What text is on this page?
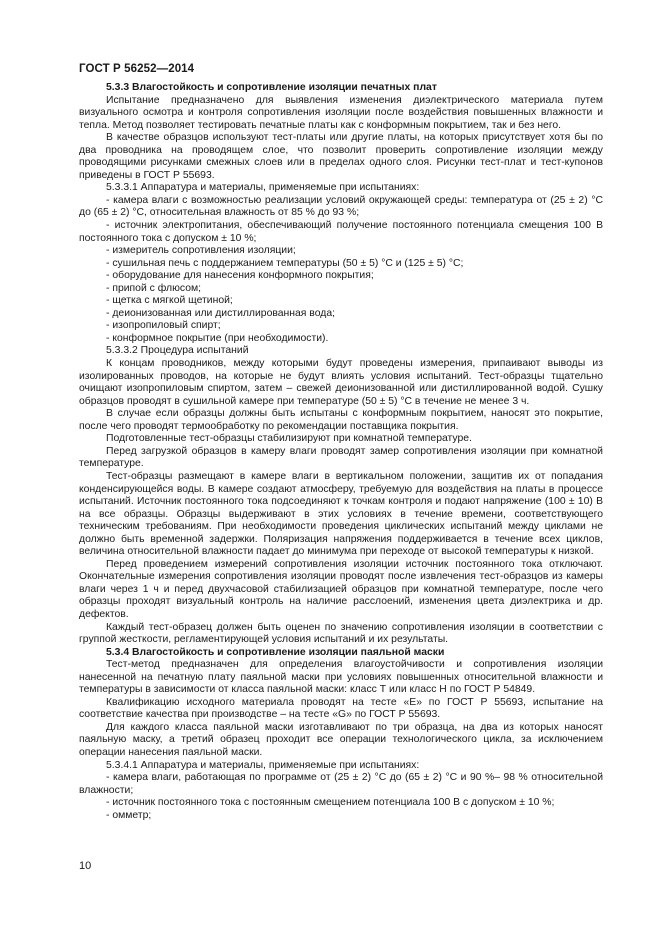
ГОСТ Р 56252—2014

5.3.3 Влагостойкость и сопротивление изоляции печатных плат

Испытание предназначено для выявления изменения диэлектрического материала путем визуального осмотра и контроля сопротивления изоляции после воздействия повышенных влажности и тепла. Метод позволяет тестировать печатные платы как с конформным покрытием, так и без него.

В качестве образцов используют тест-платы или другие платы, на которых присутствует хотя бы по два проводника на проводящем слое, что позволит проверить сопротивление изоляции между проводящими рисунками смежных слоев или в пределах одного слоя. Рисунки тест-плат и тест-купонов приведены в ГОСТ Р 55693.

5.3.3.1 Аппаратура и материалы, применяемые при испытаниях:

- камера влаги с возможностью реализации условий окружающей среды: температура от (25 ± 2) °С до (65 ± 2) °С, относительная влажность от 85 % до 93 %;

- источник электропитания, обеспечивающий получение постоянного потенциала смещения 100 В постоянного тока с допуском ± 10 %;

- измеритель сопротивления изоляции;

- сушильная печь с поддержанием температуры (50 ± 5) °С и (125 ± 5) °С;

- оборудование для нанесения конформного покрытия;

- припой с флюсом;

- щетка с мягкой щетиной;

- деионизованная или дистиллированная вода;

- изопропиловый спирт;

- конформное покрытие (при необходимости).

5.3.3.2 Процедура испытаний

К концам проводников, между которыми будут проведены измерения, припаивают выводы из изолированных проводов, на которые не будут влиять условия испытаний. Тест-образцы тщательно очищают изопропиловым спиртом, затем – свежей деионизованной или дистиллированной водой. Сушку образцов проводят в сушильной камере при температуре (50 ± 5) °С в течение не менее 3 ч.

В случае если образцы должны быть испытаны с конформным покрытием, наносят это покрытие, после чего проводят термообработку по рекомендации поставщика покрытия.

Подготовленные тест-образцы стабилизируют при комнатной температуре.

Перед загрузкой образцов в камеру влаги проводят замер сопротивления изоляции при комнатной температуре.

Тест-образцы размещают в камере влаги в вертикальном положении, защитив их от попадания конденсирующейся воды. В камере создают атмосферу, требуемую для воздействия на платы в процессе испытаний. Источник постоянного тока подсоединяют к точкам контроля и подают напряжение (100 ± 10) В на все образцы. Образцы выдерживают в этих условиях в течение времени, соответствующего техническим требованиям. При необходимости проведения циклических испытаний между циклами не должно быть временной задержки. Поляризация напряжения поддерживается в течение всех циклов, величина относительной влажности падает до минимума при переходе от высокой температуры к низкой.

Перед проведением измерений сопротивления изоляции источник постоянного тока отключают. Окончательные измерения сопротивления изоляции проводят после извлечения тест-образцов из камеры влаги через 1 ч и перед двухчасовой стабилизацией образцов при комнатной температуре, после чего образцы проходят визуальный контроль на наличие расслоений, изменения цвета диэлектрика и др. дефектов.

Каждый тест-образец должен быть оценен по значению сопротивления изоляции в соответствии с группой жесткости, регламентирующей условия испытаний и их результаты.

5.3.4 Влагостойкость и сопротивление изоляции паяльной маски

Тест-метод предназначен для определения влагоустойчивости и сопротивления изоляции нанесенной на печатную плату паяльной маски при условиях повышенных относительной влажности и температуры в зависимости от класса паяльной маски: класс Т или класс Н по ГОСТ Р 54849.

Квалификацию исходного материала проводят на тесте «Е» по ГОСТ Р 55693, испытание на соответствие качества при производстве – на тесте «G» по ГОСТ Р 55693.

Для каждого класса паяльной маски изготавливают по три образца, на два из которых наносят паяльную маску, а третий образец проходит все операции технологического цикла, за исключением операции нанесения паяльной маски.

5.3.4.1 Аппаратура и материалы, применяемые при испытаниях:

- камера влаги, работающая по программе от (25 ± 2) °С до (65 ± 2) °С и 90 %– 98 % относительной влажности;

- источник постоянного тока с постоянным смещением потенциала 100 В с допуском ± 10 %;

- омметр;

10
